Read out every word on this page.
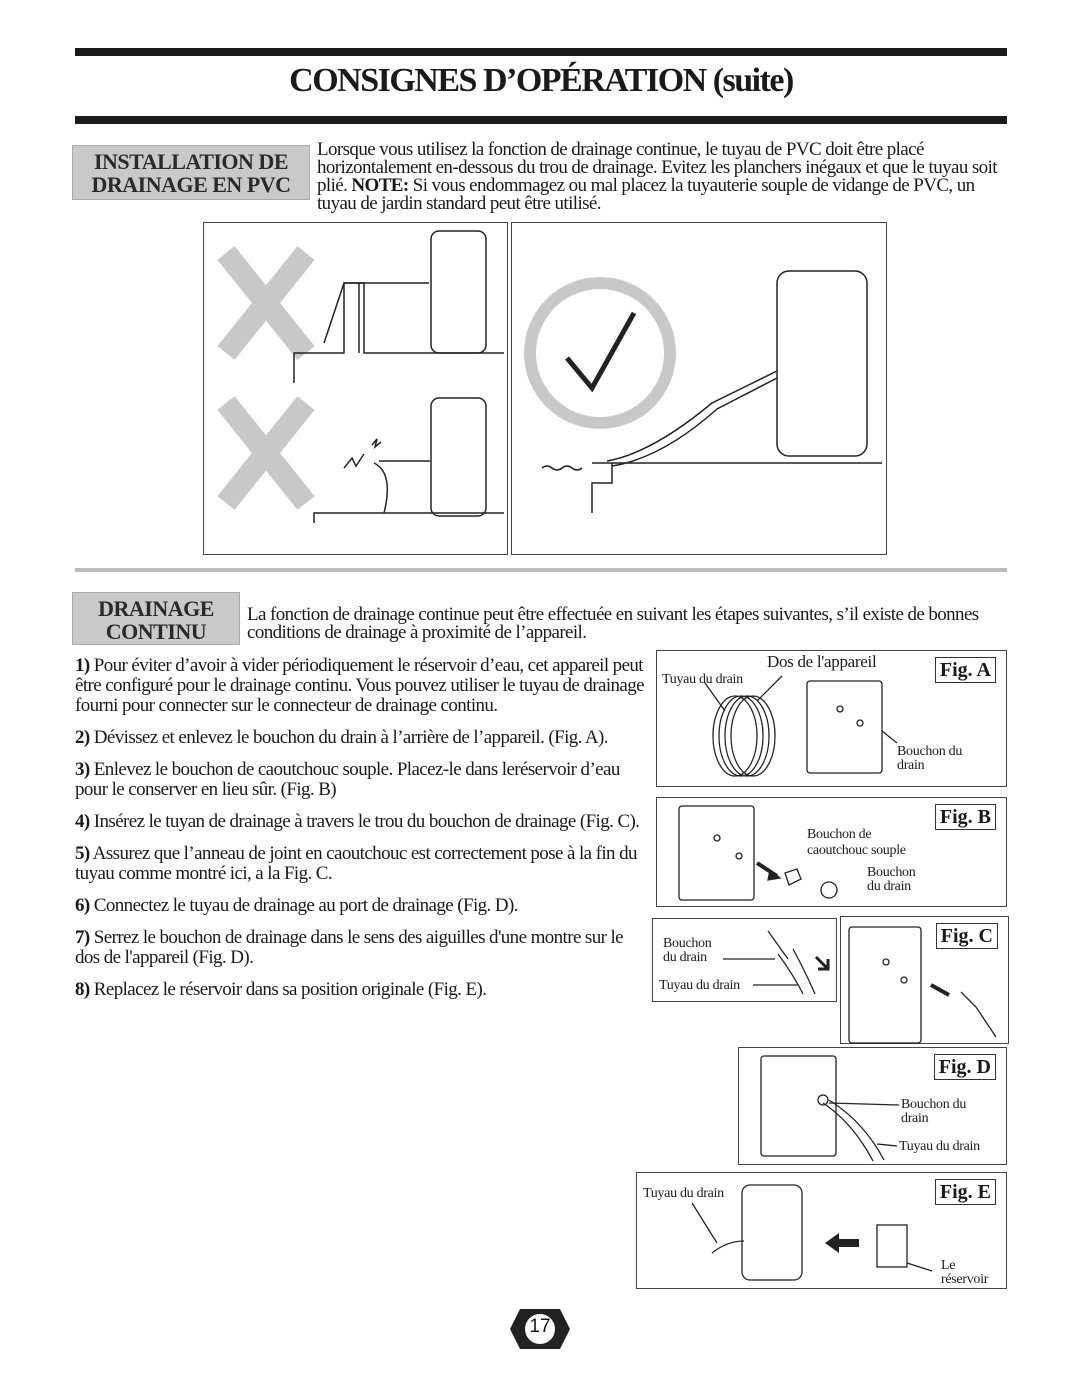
CONSIGNES D’OPÉRATION (suite)
INSTALLATION DE
DRAINAGE EN PVC
Lorsque vous utilisez la fonction de drainage continue, le tuyau de PVC doit être placé horizontalement en-dessous du trou de drainage. Evitez les planchers inégaux et que le tuyau soit plié. NOTE: Si vous endommagez ou mal placez la tuyauterie souple de vidange de PVC, un tuyau de jardin standard peut être utilisé.
DRAINAGE
CONTINU
La fonction de drainage continue peut être effectuée en suivant les étapes suivantes, s’il existe de bonnes conditions de drainage à proximité de l’appareil.

1) Pour éviter d’avoir à vider périodiquement le réservoir d’eau, cet appareil peut être configuré pour le drainage continu. Vous pouvez utiliser le tuyau de drainage fourni pour connecter sur le connecteur de drainage continu.

2) Dévissez et enlevez le bouchon du drain à l’arrière de l’appareil. (Fig. A).

3) Enlevez le bouchon de caoutchouc souple. Placez-le dans leréservoir d’eau pour le conserver en lieu sûr. (Fig. B)

4) Insérez le tuyan de drainage à travers le trou du bouchon de drainage (Fig. C).

5) Assurez que l’anneau de joint en caoutchouc est correctement pose à la fin du tuyau comme montré ici, a la Fig. C.

6) Connectez le tuyau de drainage au port de drainage (Fig. D).

7) Serrez le bouchon de drainage dans le sens des aiguilles d'une montre sur le dos de l'appareil (Fig. D).

8) Replacez le réservoir dans sa position originale (Fig. E).

Fig. A
Dos de l'appareil
Tuyau du drain
Bouchon du
drain
Fig. B
Bouchon de
caoutchouc souple
Bouchon
du drain
Bouchon
du drain
Tuyau du drain
Fig. C
Fig. D
Bouchon du
drain
Tuyau du drain
Fig. E
Tuyau du drain
Le
réservoir
17
